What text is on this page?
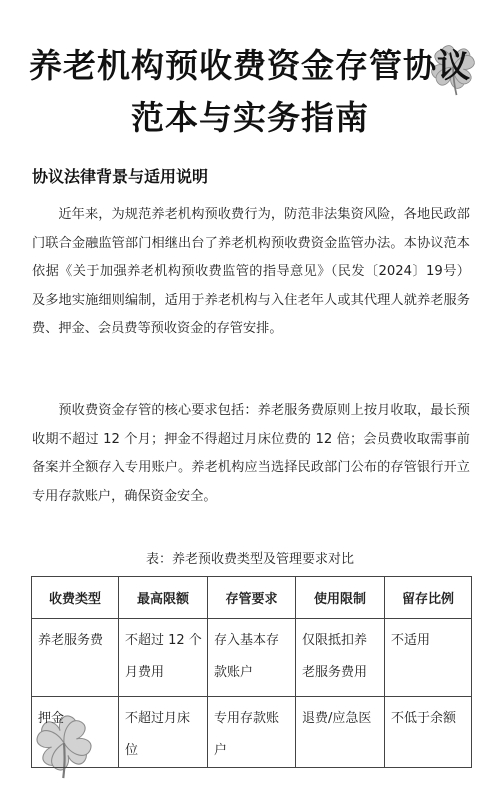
养老机构预收费资金存管协议
范本与实务指南
协议法律背景与适用说明

近年来，为规范养老机构预收费行为，防范非法集资风险，各地民政部门联合金融监管部门相继出台了养老机构预收费资金监管办法。本协议范本依据《关于加强养老机构预收费监管的指导意见》（民发〔2024〕19号）及多地实施细则编制，适用于养老机构与入住老年人或其代理人就养老服务费、押金、会员费等预收资金的存管安排。

预收费资金存管的核心要求包括：养老服务费原则上按月收取，最长预收期不超过 12 个月；押金不得超过月床位费的 12 倍；会员费收取需事前备案并全额存入专用账户。养老机构应当选择民政部门公布的存管银行开立专用存款账户，确保资金安全。

表：养老预收费类型及管理要求对比
收费类型	最高限额	存管要求	使用限制	留存比例
养老服务费	不超过 12 个月费用	存入基本存款账户	仅限抵扣养老服务费用	不适用
押金	不超过月床位	专用存款账户	退费/应急医	不低于余额
